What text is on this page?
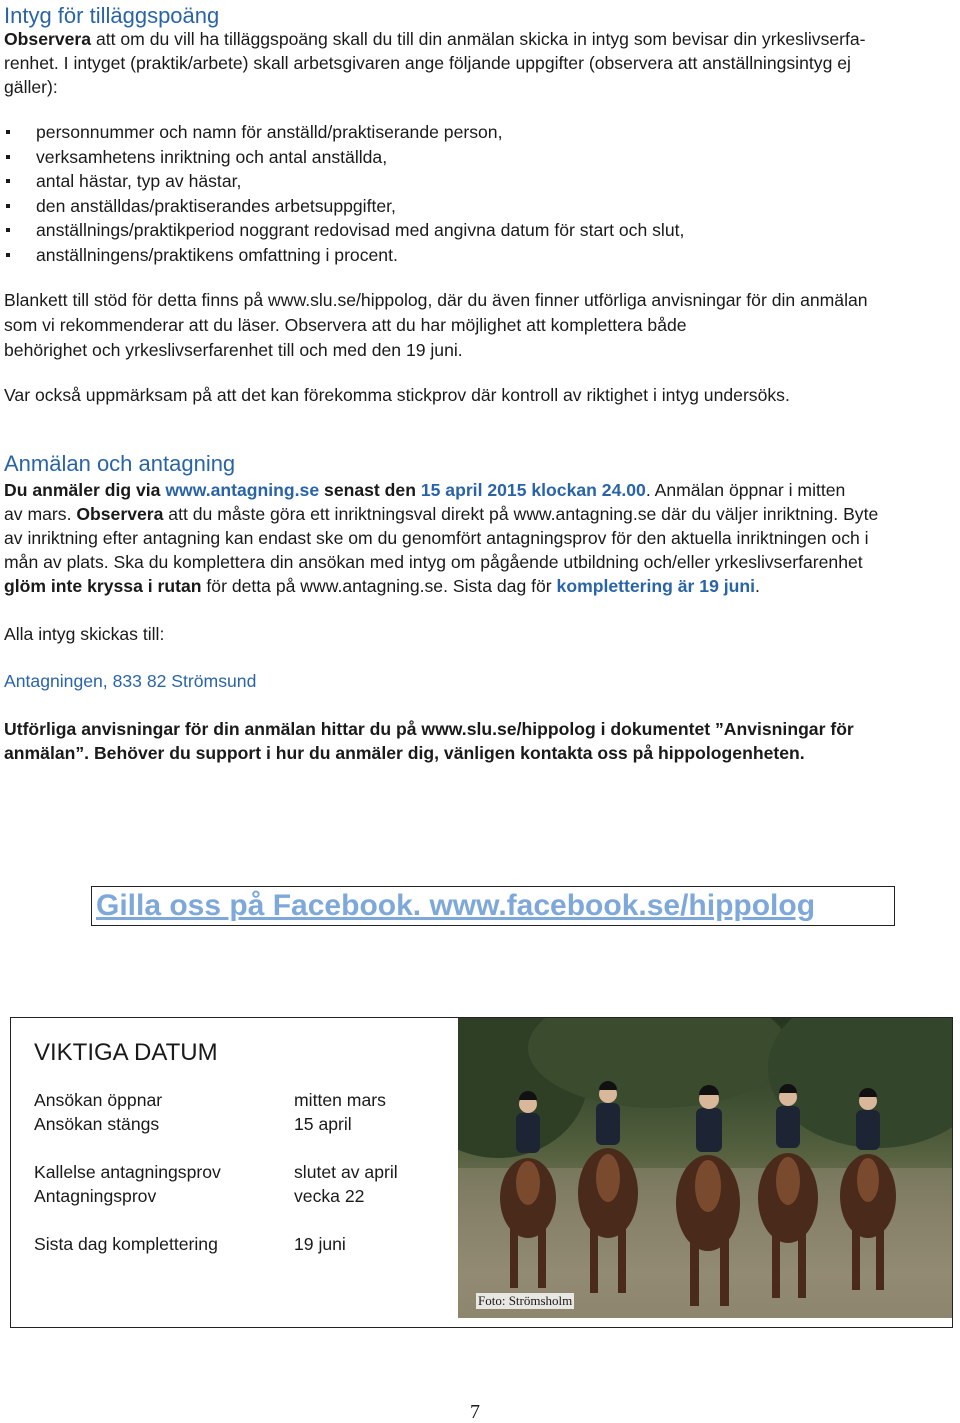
Intyg för tilläggspoäng

Observera att om du vill ha tilläggspoäng skall du till din anmälan skicka in intyg som bevisar din yrkeslivserfa-

renhet. I intyget (praktik/arbete) skall arbetsgivaren ange följande uppgifter (observera att anställningsintyg ej

gäller):

personnummer och namn för anställd/praktiserande person,
verksamhetens inriktning och antal anställda,
antal hästar, typ av hästar,
den anställdas/praktiserandes arbetsuppgifter,
anställnings/praktikperiod noggrant redovisad med angivna datum för start och slut,
anställningens/praktikens omfattning i procent.

Blankett till stöd för detta finns på www.slu.se/hippolog, där du även finner utförliga anvisningar för din anmälan

som vi rekommenderar att du läser. Observera att du har möjlighet att komplettera både

behörighet och yrkeslivserfarenhet till och med den 19 juni.

Var också uppmärksam på att det kan förekomma stickprov där kontroll av riktighet i intyg undersöks.

Anmälan och antagning

Du anmäler dig via www.antagning.se senast den 15 april 2015 klockan 24.00. Anmälan öppnar i mitten

av mars. Observera att du måste göra ett inriktningsval direkt på www.antagning.se där du väljer inriktning. Byte

av inriktning efter antagning kan endast ske om du genomfört antagningsprov för den aktuella inriktningen och i

mån av plats. Ska du komplettera din ansökan med intyg om pågående utbildning och/eller yrkeslivserfarenhet

glöm inte kryssa i rutan för detta på www.antagning.se. Sista dag för komplettering är 19 juni.

Alla intyg skickas till:

Antagningen, 833 82 Strömsund

Utförliga anvisningar för din anmälan hittar du på www.slu.se/hippolog i dokumentet ”Anvisningar för

anmälan”. Behöver du support i hur du anmäler dig, vänligen kontakta oss på hippologenheten.

Gilla oss på Facebook. www.facebook.se/hippolog
VIKTIGA DATUM
Ansökan öppnar	mitten mars
Ansökan stängs	15 april
Kallelse antagningsprov	slutet av april
Antagningsprov	vecka 22
Sista dag komplettering	19 juni
Foto: Strömsholm
7
